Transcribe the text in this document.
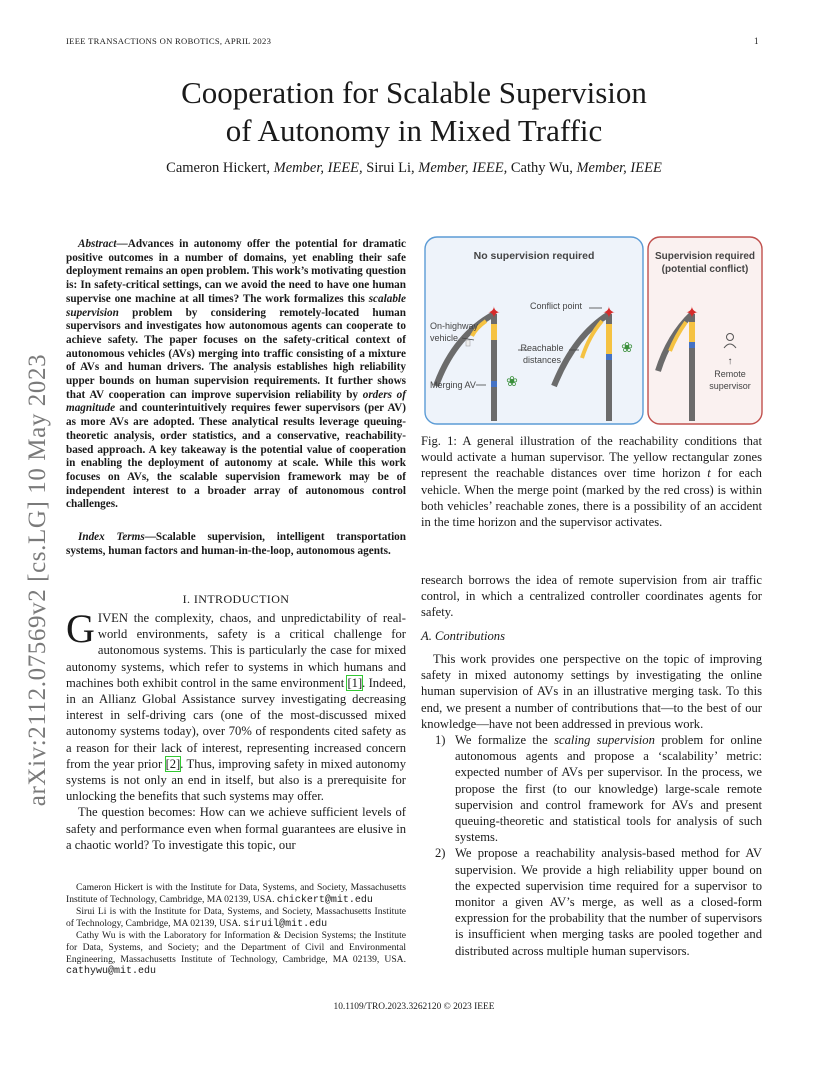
IEEE TRANSACTIONS ON ROBOTICS, APRIL 2023	1
arXiv:2112.07569v2 [cs.LG] 10 May 2023
Cooperation for Scalable Supervision
of Autonomy in Mixed Traffic
Cameron Hickert, Member, IEEE, Sirui Li, Member, IEEE, Cathy Wu, Member, IEEE
Abstract—Advances in autonomy offer the potential for dramatic positive outcomes in a number of domains, yet enabling their safe deployment remains an open problem. This work’s motivating question is: In safety-critical settings, can we avoid the need to have one human supervise one machine at all times? The work formalizes this scalable supervision problem by considering remotely-located human supervisors and investigates how autonomous agents can cooperate to achieve safety. The paper focuses on the safety-critical context of autonomous vehicles (AVs) merging into traffic consisting of a mixture of AVs and human drivers. The analysis establishes high reliability upper bounds on human supervision requirements. It further shows that AV cooperation can improve supervision reliability by orders of magnitude and counterintuitively requires fewer supervisors (per AV) as more AVs are adopted. These analytical results leverage queuing-theoretic analysis, order statistics, and a conservative, reachability-based approach. A key takeaway is the potential value of cooperation in enabling the deployment of autonomy at scale. While this work focuses on AVs, the scalable supervision framework may be of independent interest to a broader array of autonomous control challenges.
Index Terms—Scalable supervision, intelligent transportation systems, human factors and human-in-the-loop, autonomous agents.
I. INTRODUCTION

GIVEN the complexity, chaos, and unpredictability of real-world environments, safety is a critical challenge for autonomous systems. This is particularly the case for mixed autonomy systems, which refer to systems in which humans and machines both exhibit control in the same environment [1]. Indeed, in an Allianz Global Assistance survey investigating decreasing interest in self-driving cars (one of the most-discussed mixed autonomy systems today), over 70% of respondents cited safety as a reason for their lack of interest, representing increased concern from the year prior [2]. Thus, improving safety in mixed autonomy systems is not only an end in itself, but also is a prerequisite for unlocking the benefits that such systems may offer.

The question becomes: How can we achieve sufficient levels of safety and performance even when formal guarantees are elusive in a chaotic world? To investigate this topic, our

Cameron Hickert is with the Institute for Data, Systems, and Society, Massachusetts Institute of Technology, Cambridge, MA 02139, USA. chickert@mit.edu

Sirui Li is with the Institute for Data, Systems, and Society, Massachusetts Institute of Technology, Cambridge, MA 02139, USA. siruil@mit.edu

Cathy Wu is with the Laboratory for Information & Decision Systems; the Institute for Data, Systems, and Society; and the Department of Civil and Environmental Engineering, Massachusetts Institute of Technology, Cambridge, MA 02139, USA. cathywu@mit.edu

10.1109/TRO.2023.3262120 © 2023 IEEE
No supervision required	Supervision required
(potential conflict)
✦
❀
✦
❀
✦
↑
On-highway
vehicle
Merging AV
Conflict point
Reachable
distances
Remote
supervisor
Fig. 1: A general illustration of the reachability conditions that would activate a human supervisor. The yellow rectangular zones represent the reachable distances over time horizon t for each vehicle. When the merge point (marked by the red cross) is within both vehicles’ reachable zones, there is a possibility of an accident in the time horizon and the supervisor activates.

research borrows the idea of remote supervision from air traffic control, in which a centralized controller coordinates agents for safety.

A. Contributions

This work provides one perspective on the topic of improving safety in mixed autonomy settings by investigating the online human supervision of AVs in an illustrative merging task. To this end, we present a number of contributions that—to the best of our knowledge—have not been addressed in previous work.

1) We formalize the scaling supervision problem for online autonomous agents and propose a ‘scalability’ metric: expected number of AVs per supervisor. In the process, we propose the first (to our knowledge) large-scale remote supervision and control framework for AVs and present queuing-theoretic and statistical tools for analysis of such systems.
2) We propose a reachability analysis-based method for AV supervision. We provide a high reliability upper bound on the expected supervision time required for a supervisor to monitor a given AV’s merge, as well as a closed-form expression for the probability that the number of supervisors is insufficient when merging tasks are pooled together and distributed across multiple human supervisors.
